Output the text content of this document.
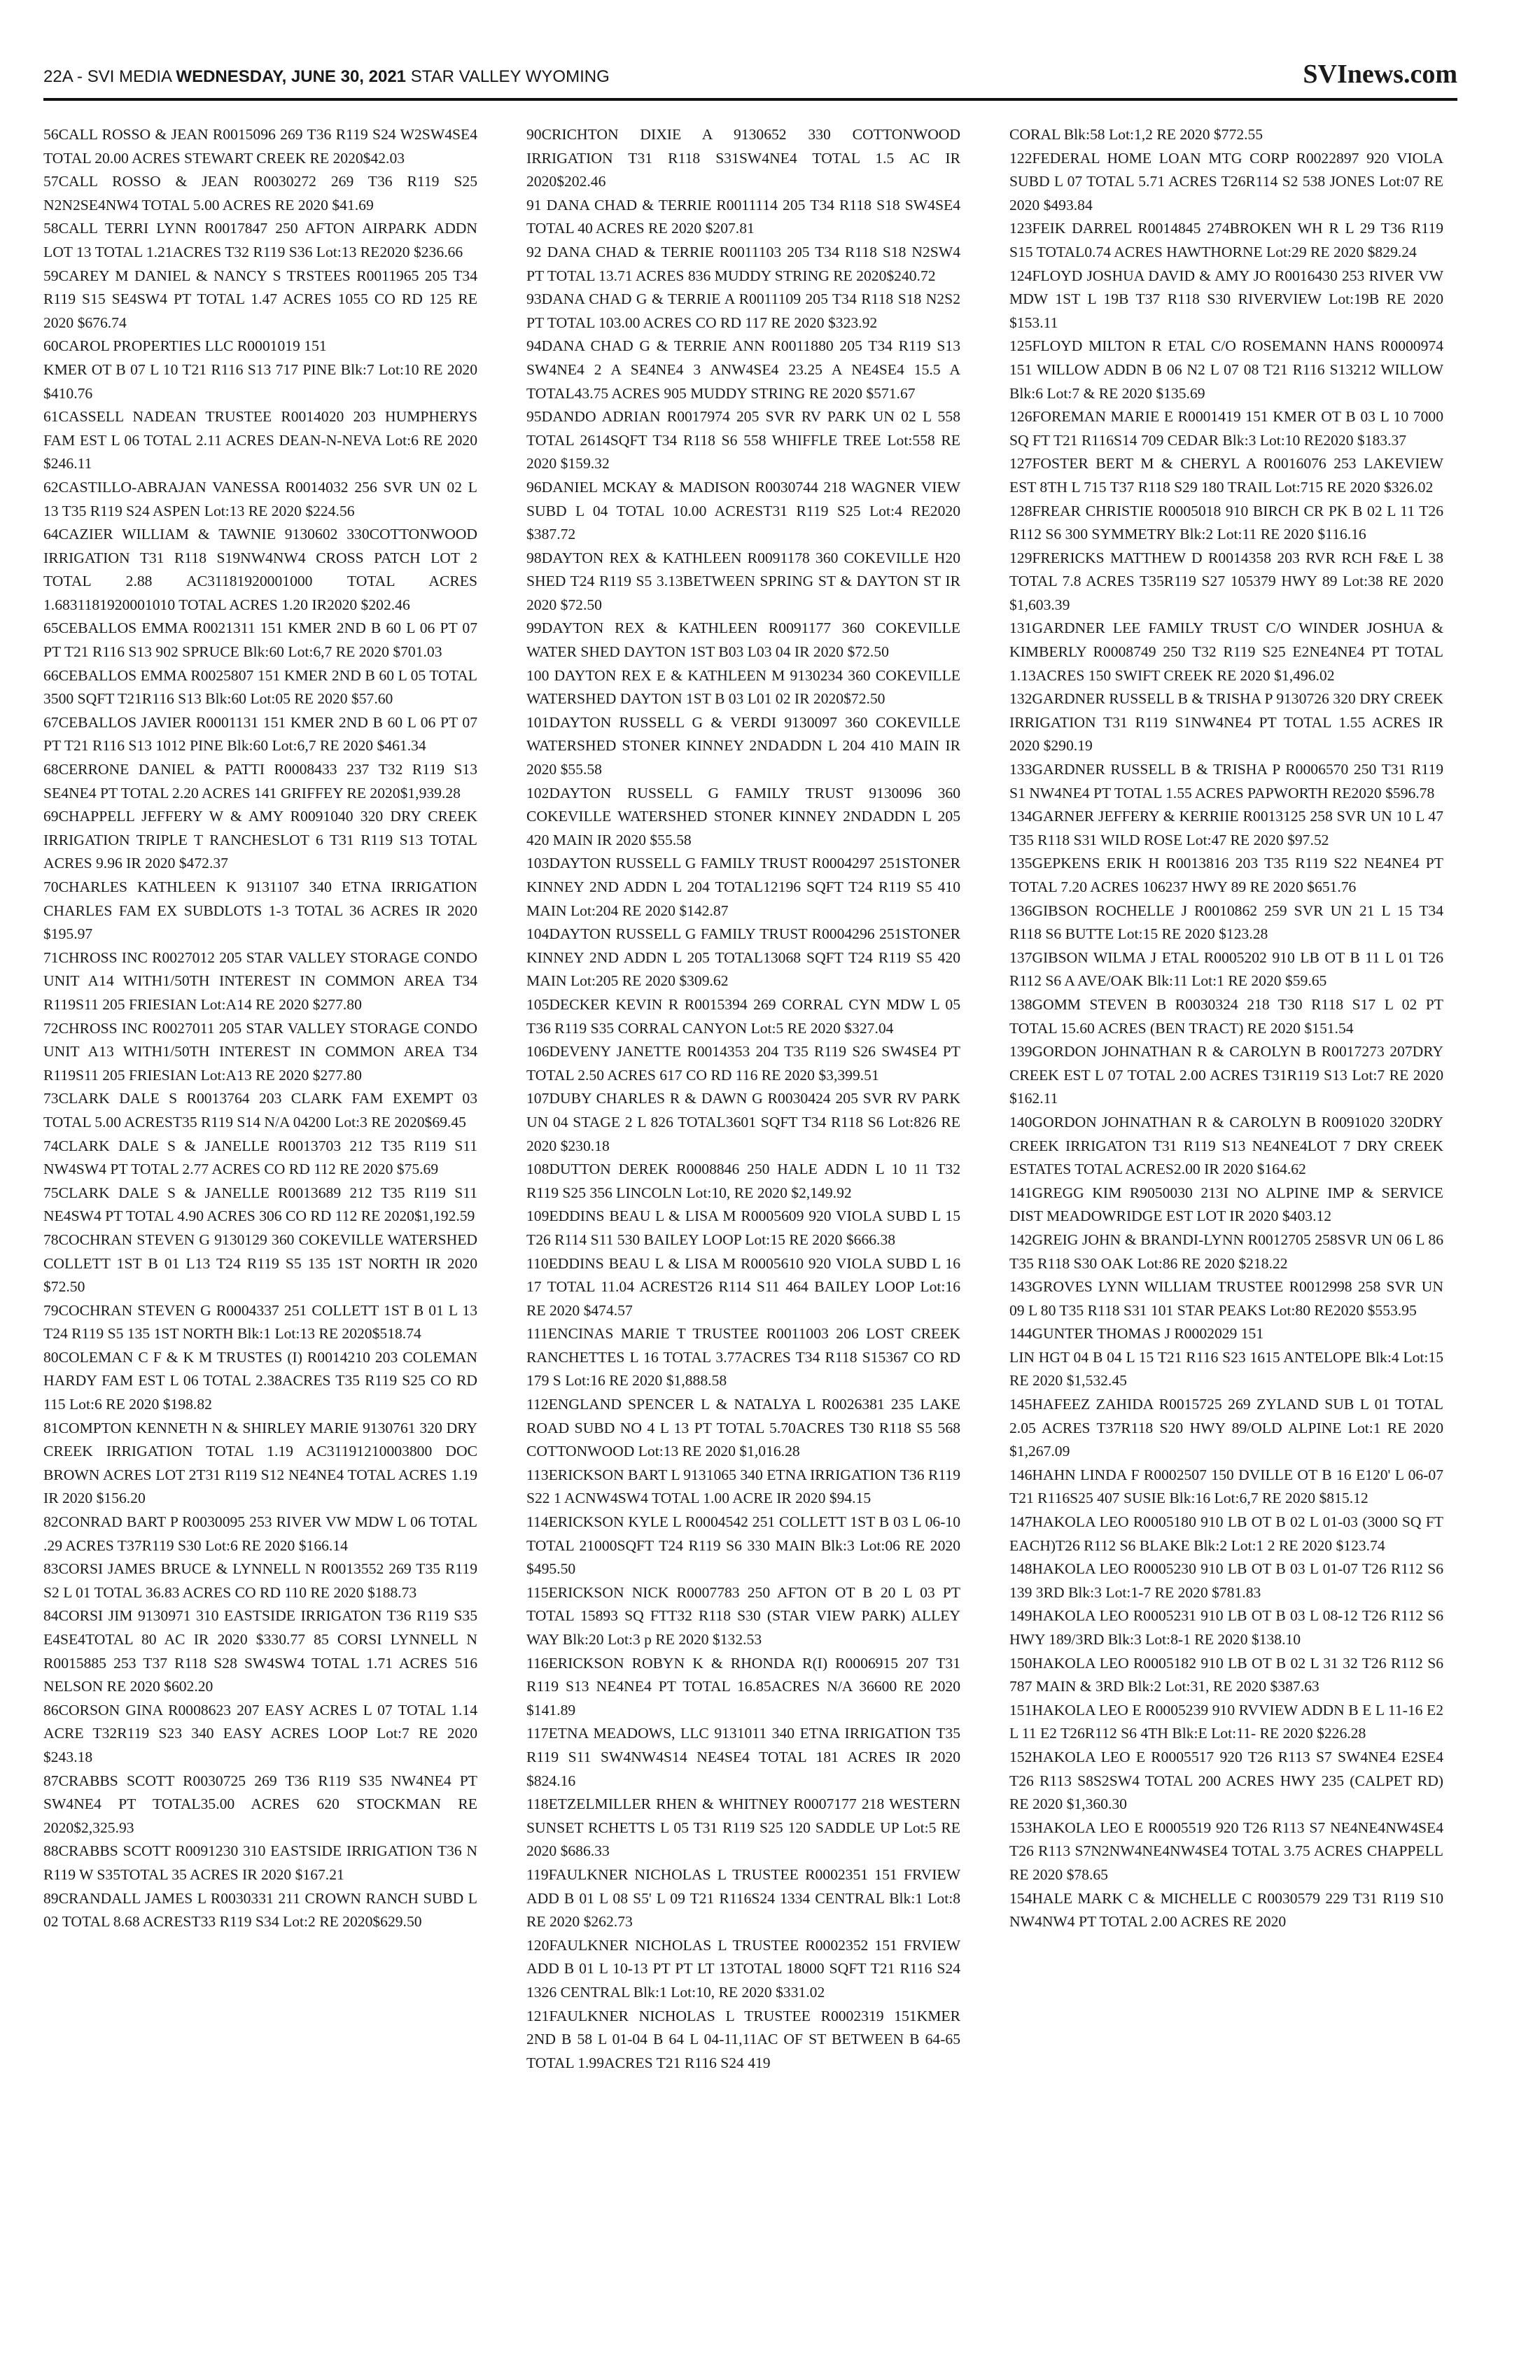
22A - SVI MEDIA WEDNESDAY, JUNE 30, 2021 STAR VALLEY WYOMING	SVInews.com

56CALL ROSSO & JEAN R0015096 269 T36 R119 S24 W2SW4SE4 TOTAL 20.00 ACRES STEWART CREEK RE 2020$42.03

57CALL ROSSO & JEAN R0030272 269 T36 R119 S25 N2N2SE4NW4 TOTAL 5.00 ACRES RE 2020 $41.69

58CALL TERRI LYNN R0017847 250 AFTON AIRPARK ADDN LOT 13 TOTAL 1.21ACRES T32 R119 S36 Lot:13 RE2020 $236.66

59CAREY M DANIEL & NANCY S TRSTEES R0011965 205 T34 R119 S15 SE4SW4 PT TOTAL 1.47 ACRES 1055 CO RD 125 RE 2020 $676.74

60CAROL PROPERTIES LLC R0001019 151

KMER OT B 07 L 10 T21 R116 S13 717 PINE Blk:7 Lot:10 RE 2020 $410.76

61CASSELL NADEAN TRUSTEE R0014020 203 HUMPHERYS FAM EST L 06 TOTAL 2.11 ACRES DEAN-N-NEVA Lot:6 RE 2020 $246.11

62CASTILLO-ABRAJAN VANESSA R0014032 256 SVR UN 02 L 13 T35 R119 S24 ASPEN Lot:13 RE 2020 $224.56

64CAZIER WILLIAM & TAWNIE 9130602 330COTTONWOOD IRRIGATION T31 R118 S19NW4NW4 CROSS PATCH LOT 2 TOTAL 2.88 AC31181920001000 TOTAL ACRES 1.6831181920001010 TOTAL ACRES 1.20 IR2020 $202.46

65CEBALLOS EMMA R0021311 151 KMER 2ND B 60 L 06 PT 07 PT T21 R116 S13 902 SPRUCE Blk:60 Lot:6,7 RE 2020 $701.03

66CEBALLOS EMMA R0025807 151 KMER 2ND B 60 L 05 TOTAL 3500 SQFT T21R116 S13 Blk:60 Lot:05 RE 2020 $57.60

67CEBALLOS JAVIER R0001131 151 KMER 2ND B 60 L 06 PT 07 PT T21 R116 S13 1012 PINE Blk:60 Lot:6,7 RE 2020 $461.34

68CERRONE DANIEL & PATTI R0008433 237 T32 R119 S13 SE4NE4 PT TOTAL 2.20 ACRES 141 GRIFFEY RE 2020$1,939.28

69CHAPPELL JEFFERY W & AMY R0091040 320 DRY CREEK IRRIGATION TRIPLE T RANCHESLOT 6 T31 R119 S13 TOTAL ACRES 9.96 IR 2020 $472.37

70CHARLES KATHLEEN K 9131107 340 ETNA IRRIGATION CHARLES FAM EX SUBDLOTS 1-3 TOTAL 36 ACRES IR 2020 $195.97

71CHROSS INC R0027012 205 STAR VALLEY STORAGE CONDO UNIT A14 WITH1/50TH INTEREST IN COMMON AREA T34 R119S11 205 FRIESIAN Lot:A14 RE 2020 $277.80

72CHROSS INC R0027011 205 STAR VALLEY STORAGE CONDO UNIT A13 WITH1/50TH INTEREST IN COMMON AREA T34 R119S11 205 FRIESIAN Lot:A13 RE 2020 $277.80

73CLARK DALE S R0013764 203 CLARK FAM EXEMPT 03 TOTAL 5.00 ACREST35 R119 S14 N/A 04200 Lot:3 RE 2020$69.45

74CLARK DALE S & JANELLE R0013703 212 T35 R119 S11 NW4SW4 PT TOTAL 2.77 ACRES CO RD 112 RE 2020 $75.69

75CLARK DALE S & JANELLE R0013689 212 T35 R119 S11 NE4SW4 PT TOTAL 4.90 ACRES 306 CO RD 112 RE 2020$1,192.59

78COCHRAN STEVEN G 9130129 360 COKEVILLE WATERSHED COLLETT 1ST B 01 L13 T24 R119 S5 135 1ST NORTH IR 2020 $72.50

79COCHRAN STEVEN G R0004337 251 COLLETT 1ST B 01 L 13 T24 R119 S5 135 1ST NORTH Blk:1 Lot:13 RE 2020$518.74

80COLEMAN C F & K M TRUSTES (I) R0014210 203 COLEMAN HARDY FAM EST L 06 TOTAL 2.38ACRES T35 R119 S25 CO RD 115 Lot:6 RE 2020 $198.82

81COMPTON KENNETH N & SHIRLEY MARIE 9130761 320 DRY CREEK IRRIGATION TOTAL 1.19 AC31191210003800 DOC BROWN ACRES LOT 2T31 R119 S12 NE4NE4 TOTAL ACRES 1.19 IR 2020 $156.20

82CONRAD BART P R0030095 253 RIVER VW MDW L 06 TOTAL .29 ACRES T37R119 S30 Lot:6 RE 2020 $166.14

83CORSI JAMES BRUCE & LYNNELL N R0013552 269 T35 R119 S2 L 01 TOTAL 36.83 ACRES CO RD 110 RE 2020 $188.73

84CORSI JIM 9130971 310 EASTSIDE IRRIGATON T36 R119 S35 E4SE4TOTAL 80 AC IR 2020 $330.77 85 CORSI LYNNELL N R0015885 253 T37 R118 S28 SW4SW4 TOTAL 1.71 ACRES 516 NELSON RE 2020 $602.20

86CORSON GINA R0008623 207 EASY ACRES L 07 TOTAL 1.14 ACRE T32R119 S23 340 EASY ACRES LOOP Lot:7 RE 2020 $243.18

87CRABBS SCOTT R0030725 269 T36 R119 S35 NW4NE4 PT SW4NE4 PT TOTAL35.00 ACRES 620 STOCKMAN RE 2020$2,325.93

88CRABBS SCOTT R0091230 310 EASTSIDE IRRIGATION T36 N R119 W S35TOTAL 35 ACRES IR 2020 $167.21

89CRANDALL JAMES L R0030331 211 CROWN RANCH SUBD L 02 TOTAL 8.68 ACREST33 R119 S34 Lot:2 RE 2020$629.50

90CRICHTON DIXIE A 9130652 330 COTTONWOOD IRRIGATION T31 R118 S31SW4NE4 TOTAL 1.5 AC IR 2020$202.46

91 DANA CHAD & TERRIE R0011114 205 T34 R118 S18 SW4SE4 TOTAL 40 ACRES RE 2020 $207.81

92 DANA CHAD & TERRIE R0011103 205 T34 R118 S18 N2SW4 PT TOTAL 13.71 ACRES 836 MUDDY STRING RE 2020$240.72

93DANA CHAD G & TERRIE A R0011109 205 T34 R118 S18 N2S2 PT TOTAL 103.00 ACRES CO RD 117 RE 2020 $323.92

94DANA CHAD G & TERRIE ANN R0011880 205 T34 R119 S13 SW4NE4 2 A SE4NE4 3 ANW4SE4 23.25 A NE4SE4 15.5 A TOTAL43.75 ACRES 905 MUDDY STRING RE 2020 $571.67

95DANDO ADRIAN R0017974 205 SVR RV PARK UN 02 L 558 TOTAL 2614SQFT T34 R118 S6 558 WHIFFLE TREE Lot:558 RE 2020 $159.32

96DANIEL MCKAY & MADISON R0030744 218 WAGNER VIEW SUBD L 04 TOTAL 10.00 ACREST31 R119 S25 Lot:4 RE2020 $387.72

98DAYTON REX & KATHLEEN R0091178 360 COKEVILLE H20 SHED T24 R119 S5 3.13BETWEEN SPRING ST & DAYTON ST IR 2020 $72.50

99DAYTON REX & KATHLEEN R0091177 360 COKEVILLE WATER SHED DAYTON 1ST B03 L03 04 IR 2020 $72.50

100 DAYTON REX E & KATHLEEN M 9130234 360 COKEVILLE WATERSHED DAYTON 1ST B 03 L01 02 IR 2020$72.50

101DAYTON RUSSELL G & VERDI 9130097 360 COKEVILLE WATERSHED STONER KINNEY 2NDADDN L 204 410 MAIN IR 2020 $55.58

102DAYTON RUSSELL G FAMILY TRUST 9130096 360 COKEVILLE WATERSHED STONER KINNEY 2NDADDN L 205 420 MAIN IR 2020 $55.58

103DAYTON RUSSELL G FAMILY TRUST R0004297 251STONER KINNEY 2ND ADDN L 204 TOTAL12196 SQFT T24 R119 S5 410 MAIN Lot:204 RE 2020 $142.87

104DAYTON RUSSELL G FAMILY TRUST R0004296 251STONER KINNEY 2ND ADDN L 205 TOTAL13068 SQFT T24 R119 S5 420 MAIN Lot:205 RE 2020 $309.62

105DECKER KEVIN R R0015394 269 CORRAL CYN MDW L 05 T36 R119 S35 CORRAL CANYON Lot:5 RE 2020 $327.04

106DEVENY JANETTE R0014353 204 T35 R119 S26 SW4SE4 PT TOTAL 2.50 ACRES 617 CO RD 116 RE 2020 $3,399.51

107DUBY CHARLES R & DAWN G R0030424 205 SVR RV PARK UN 04 STAGE 2 L 826 TOTAL3601 SQFT T34 R118 S6 Lot:826 RE 2020 $230.18

108DUTTON DEREK R0008846 250 HALE ADDN L 10 11 T32 R119 S25 356 LINCOLN Lot:10, RE 2020 $2,149.92

109EDDINS BEAU L & LISA M R0005609 920 VIOLA SUBD L 15 T26 R114 S11 530 BAILEY LOOP Lot:15 RE 2020 $666.38

110EDDINS BEAU L & LISA M R0005610 920 VIOLA SUBD L 16 17 TOTAL 11.04 ACREST26 R114 S11 464 BAILEY LOOP Lot:16 RE 2020 $474.57

111ENCINAS MARIE T TRUSTEE R0011003 206 LOST CREEK RANCHETTES L 16 TOTAL 3.77ACRES T34 R118 S15367 CO RD 179 S Lot:16 RE 2020 $1,888.58

112ENGLAND SPENCER L & NATALYA L R0026381 235 LAKE ROAD SUBD NO 4 L 13 PT TOTAL 5.70ACRES T30 R118 S5 568 COTTONWOOD Lot:13 RE 2020 $1,016.28

113ERICKSON BART L 9131065 340 ETNA IRRIGATION T36 R119 S22 1 ACNW4SW4 TOTAL 1.00 ACRE IR 2020 $94.15

114ERICKSON KYLE L R0004542 251 COLLETT 1ST B 03 L 06-10 TOTAL 21000SQFT T24 R119 S6 330 MAIN Blk:3 Lot:06 RE 2020 $495.50

115ERICKSON NICK R0007783 250 AFTON OT B 20 L 03 PT TOTAL 15893 SQ FTT32 R118 S30 (STAR VIEW PARK) ALLEY WAY Blk:20 Lot:3 p RE 2020 $132.53

116ERICKSON ROBYN K & RHONDA R(I) R0006915 207 T31 R119 S13 NE4NE4 PT TOTAL 16.85ACRES N/A 36600 RE 2020 $141.89

117ETNA MEADOWS, LLC 9131011 340 ETNA IRRIGATION T35 R119 S11 SW4NW4S14 NE4SE4 TOTAL 181 ACRES IR 2020 $824.16

118ETZELMILLER RHEN & WHITNEY R0007177 218 WESTERN SUNSET RCHETTS L 05 T31 R119 S25 120 SADDLE UP Lot:5 RE 2020 $686.33

119FAULKNER NICHOLAS L TRUSTEE R0002351 151 FRVIEW ADD B 01 L 08 S5' L 09 T21 R116S24 1334 CENTRAL Blk:1 Lot:8 RE 2020 $262.73

120FAULKNER NICHOLAS L TRUSTEE R0002352 151 FRVIEW ADD B 01 L 10-13 PT PT LT 13TOTAL 18000 SQFT T21 R116 S24 1326 CENTRAL Blk:1 Lot:10, RE 2020 $331.02

121FAULKNER NICHOLAS L TRUSTEE R0002319 151KMER 2ND B 58 L 01-04 B 64 L 04-11,11AC OF ST BETWEEN B 64-65 TOTAL 1.99ACRES T21 R116 S24 419

CORAL Blk:58 Lot:1,2 RE 2020 $772.55

122FEDERAL HOME LOAN MTG CORP R0022897 920 VIOLA SUBD L 07 TOTAL 5.71 ACRES T26R114 S2 538 JONES Lot:07 RE 2020 $493.84

123FEIK DARREL R0014845 274BROKEN WH R L 29 T36 R119 S15 TOTAL0.74 ACRES HAWTHORNE Lot:29 RE 2020 $829.24

124FLOYD JOSHUA DAVID & AMY JO R0016430 253 RIVER VW MDW 1ST L 19B T37 R118 S30 RIVERVIEW Lot:19B RE 2020 $153.11

125FLOYD MILTON R ETAL C/O ROSEMANN HANS R0000974 151 WILLOW ADDN B 06 N2 L 07 08 T21 R116 S13212 WILLOW Blk:6 Lot:7 & RE 2020 $135.69

126FOREMAN MARIE E R0001419 151 KMER OT B 03 L 10 7000 SQ FT T21 R116S14 709 CEDAR Blk:3 Lot:10 RE2020 $183.37

127FOSTER BERT M & CHERYL A R0016076 253 LAKEVIEW EST 8TH L 715 T37 R118 S29 180 TRAIL Lot:715 RE 2020 $326.02

128FREAR CHRISTIE R0005018 910 BIRCH CR PK B 02 L 11 T26 R112 S6 300 SYMMETRY Blk:2 Lot:11 RE 2020 $116.16

129FRERICKS MATTHEW D R0014358 203 RVR RCH F&E L 38 TOTAL 7.8 ACRES T35R119 S27 105379 HWY 89 Lot:38 RE 2020 $1,603.39

131GARDNER LEE FAMILY TRUST C/O WINDER JOSHUA & KIMBERLY R0008749 250 T32 R119 S25 E2NE4NE4 PT TOTAL 1.13ACRES 150 SWIFT CREEK RE 2020 $1,496.02

132GARDNER RUSSELL B & TRISHA P 9130726 320 DRY CREEK IRRIGATION T31 R119 S1NW4NE4 PT TOTAL 1.55 ACRES IR 2020 $290.19

133GARDNER RUSSELL B & TRISHA P R0006570 250 T31 R119 S1 NW4NE4 PT TOTAL 1.55 ACRES PAPWORTH RE2020 $596.78

134GARNER JEFFERY & KERRIIE R0013125 258 SVR UN 10 L 47 T35 R118 S31 WILD ROSE Lot:47 RE 2020 $97.52

135GEPKENS ERIK H R0013816 203 T35 R119 S22 NE4NE4 PT TOTAL 7.20 ACRES 106237 HWY 89 RE 2020 $651.76

136GIBSON ROCHELLE J R0010862 259 SVR UN 21 L 15 T34 R118 S6 BUTTE Lot:15 RE 2020 $123.28

137GIBSON WILMA J ETAL R0005202 910 LB OT B 11 L 01 T26 R112 S6 A AVE/OAK Blk:11 Lot:1 RE 2020 $59.65

138GOMM STEVEN B R0030324 218 T30 R118 S17 L 02 PT TOTAL 15.60 ACRES (BEN TRACT) RE 2020 $151.54

139GORDON JOHNATHAN R & CAROLYN B R0017273 207DRY CREEK EST L 07 TOTAL 2.00 ACRES T31R119 S13 Lot:7 RE 2020 $162.11

140GORDON JOHNATHAN R & CAROLYN B R0091020 320DRY CREEK IRRIGATON T31 R119 S13 NE4NE4LOT 7 DRY CREEK ESTATES TOTAL ACRES2.00 IR 2020 $164.62

141GREGG KIM R9050030 213I NO ALPINE IMP & SERVICE DIST MEADOWRIDGE EST LOT IR 2020 $403.12

142GREIG JOHN & BRANDI-LYNN R0012705 258SVR UN 06 L 86 T35 R118 S30 OAK Lot:86 RE 2020 $218.22

143GROVES LYNN WILLIAM TRUSTEE R0012998 258 SVR UN 09 L 80 T35 R118 S31 101 STAR PEAKS Lot:80 RE2020 $553.95

144GUNTER THOMAS J R0002029 151

LIN HGT 04 B 04 L 15 T21 R116 S23 1615 ANTELOPE Blk:4 Lot:15 RE 2020 $1,532.45

145HAFEEZ ZAHIDA R0015725 269 ZYLAND SUB L 01 TOTAL 2.05 ACRES T37R118 S20 HWY 89/OLD ALPINE Lot:1 RE 2020 $1,267.09

146HAHN LINDA F R0002507 150 DVILLE OT B 16 E120' L 06-07 T21 R116S25 407 SUSIE Blk:16 Lot:6,7 RE 2020 $815.12

147HAKOLA LEO R0005180 910 LB OT B 02 L 01-03 (3000 SQ FT EACH)T26 R112 S6 BLAKE Blk:2 Lot:1 2 RE 2020 $123.74

148HAKOLA LEO R0005230 910 LB OT B 03 L 01-07 T26 R112 S6 139 3RD Blk:3 Lot:1-7 RE 2020 $781.83

149HAKOLA LEO R0005231 910 LB OT B 03 L 08-12 T26 R112 S6 HWY 189/3RD Blk:3 Lot:8-1 RE 2020 $138.10

150HAKOLA LEO R0005182 910 LB OT B 02 L 31 32 T26 R112 S6 787 MAIN & 3RD Blk:2 Lot:31, RE 2020 $387.63

151HAKOLA LEO E R0005239 910 RVVIEW ADDN B E L 11-16 E2 L 11 E2 T26R112 S6 4TH Blk:E Lot:11- RE 2020 $226.28

152HAKOLA LEO E R0005517 920 T26 R113 S7 SW4NE4 E2SE4 T26 R113 S8S2SW4 TOTAL 200 ACRES HWY 235 (CALPET RD) RE 2020 $1,360.30

153HAKOLA LEO E R0005519 920 T26 R113 S7 NE4NE4NW4SE4 T26 R113 S7N2NW4NE4NW4SE4 TOTAL 3.75 ACRES CHAPPELL RE 2020 $78.65

154HALE MARK C & MICHELLE C R0030579 229 T31 R119 S10 NW4NW4 PT TOTAL 2.00 ACRES RE 2020
